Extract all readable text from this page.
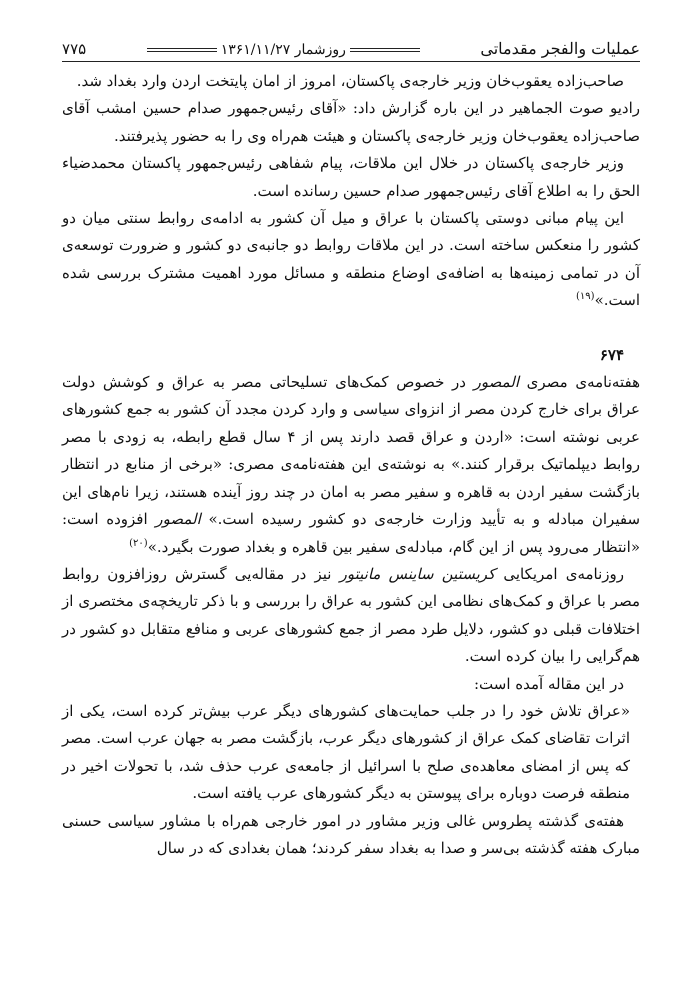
عملیات والفجر مقدماتی
روزشمار ۱۳۶۱/۱۱/۲۷
۷۷۵

صاحب‌زاده یعقوب‌خان وزیر خارجه‌ی پاکستان، امروز از امان پایتخت اردن وارد بغداد شد.

رادیو صوت الجماهیر در این باره گزارش داد: «آقای رئیس‌جمهور صدام حسین امشب آقای صاحب‌زاده یعقوب‌خان وزیر خارجه‌ی پاکستان و هیئت هم‌راه وی را به حضور پذیرفتند.

وزیر خارجه‌ی پاکستان در خلال این ملاقات، پیام شفاهی رئیس‌جمهور پاکستان محمدضیاء الحق را به اطلاع آقای رئیس‌جمهور صدام حسین رسانده است.

این پیام مبانی دوستی پاکستان با عراق و میل آن کشور به ادامه‌ی روابط سنتی میان دو کشور را منعکس ساخته است. در این ملاقات روابط دو جانبه‌ی دو کشور و ضرورت توسعه‌ی آن در تمامی زمینه‌ها به اضافه‌ی اوضاع منطقه و مسائل مورد اهمیت مشترک بررسی شده است.»$^{(۱۹)}$

۶۷۴

هفته‌نامه‌ی مصری المصور در خصوص کمک‌های تسلیحاتی مصر به عراق و کوشش دولت عراق برای خارج کردن مصر از انزوای سیاسی و وارد کردن مجدد آن کشور به جمع کشورهای عربی نوشته است: «اردن و عراق قصد دارند پس از ۴ سال قطع رابطه، به زودی با مصر روابط دیپلماتیک برقرار کنند.» به نوشته‌ی این هفته‌نامه‌ی مصری: «برخی از منابع در انتظار بازگشت سفیر اردن به قاهره و سفیر مصر به امان در چند روز آینده هستند، زیرا نام‌های این سفیران مبادله و به تأیید وزارت خارجه‌ی دو کشور رسیده است.» المصور افزوده است: «انتظار می‌رود پس از این گام، مبادله‌ی سفیر بین قاهره و بغداد صورت بگیرد.»$^{(۲۰)}$

روزنامه‌ی امریکایی کریستین ساینس مانیتور نیز در مقاله‌یی گسترش روزافزون روابط مصر با عراق و کمک‌های نظامی این کشور به عراق را بررسی و با ذکر تاریخچه‌ی مختصری از اختلافات قبلی دو کشور، دلایل طرد مصر از جمع کشورهای عربی و منافع متقابل دو کشور در هم‌گرایی را بیان کرده است.

در این مقاله آمده است:

«عراق تلاش خود را در جلب حمایت‌های کشورهای دیگر عرب بیش‌تر کرده است، یکی از اثرات تقاضای کمک عراق از کشورهای دیگر عرب، بازگشت مصر به جهان عرب است. مصر که پس از امضای معاهده‌ی صلح با اسرائیل از جامعه‌ی عرب حذف شد، با تحولات اخیر در منطقه فرصت دوباره برای پیوستن به دیگر کشورهای عرب یافته است.

هفته‌ی گذشته پطروس غالی وزیر مشاور در امور خارجی هم‌راه با مشاور سیاسی حسنی مبارک هفته گذشته بی‌سر و صدا به بغداد سفر کردند؛ همان بغدادی که در سال
